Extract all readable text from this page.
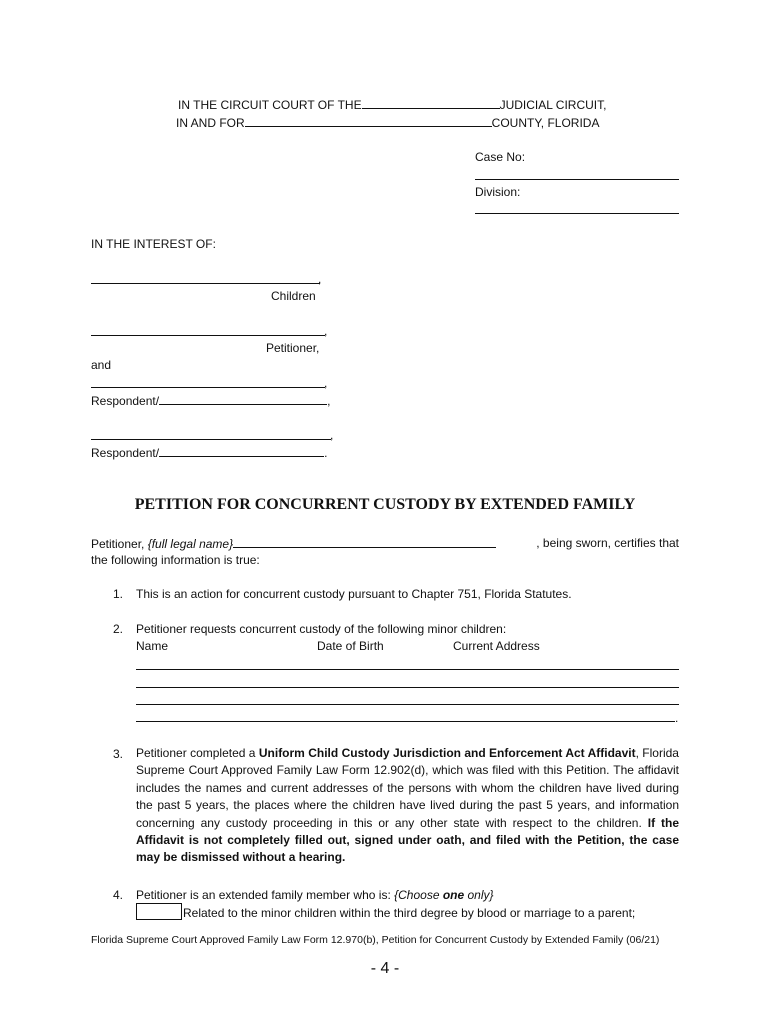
IN THE CIRCUIT COURT OF THE	JUDICIAL CIRCUIT,
IN AND FOR	COUNTY, FLORIDA
Case No:
Division:
IN THE INTEREST OF:
,
Children
,
Petitioner,
and
,
Respondent/	,
,
Respondent/	.
PETITION FOR CONCURRENT CUSTODY BY EXTENDED FAMILY
Petitioner, {full legal name}	, being sworn, certifies that
the following information is true:
1. This is an action for concurrent custody pursuant to Chapter 751, Florida Statutes.
2. Petitioner requests concurrent custody of the following minor children:
Name	Date of Birth	Current Address
.
3. Petitioner completed a Uniform Child Custody Jurisdiction and Enforcement Act Affidavit, Florida Supreme Court Approved Family Law Form 12.902(d), which was filed with this Petition. The affidavit includes the names and current addresses of the persons with whom the children have lived during the past 5 years, the places where the children have lived during the past 5 years, and information concerning any custody proceeding in this or any other state with respect to the children. If the Affidavit is not completely filled out, signed under oath, and filed with the Petition, the case may be dismissed without a hearing.
4. Petitioner is an extended family member who is: {Choose one only}
Related to the minor children within the third degree by blood or marriage to a parent;
Florida Supreme Court Approved Family Law Form 12.970(b), Petition for Concurrent Custody by Extended Family (06/21)
- 4 -
